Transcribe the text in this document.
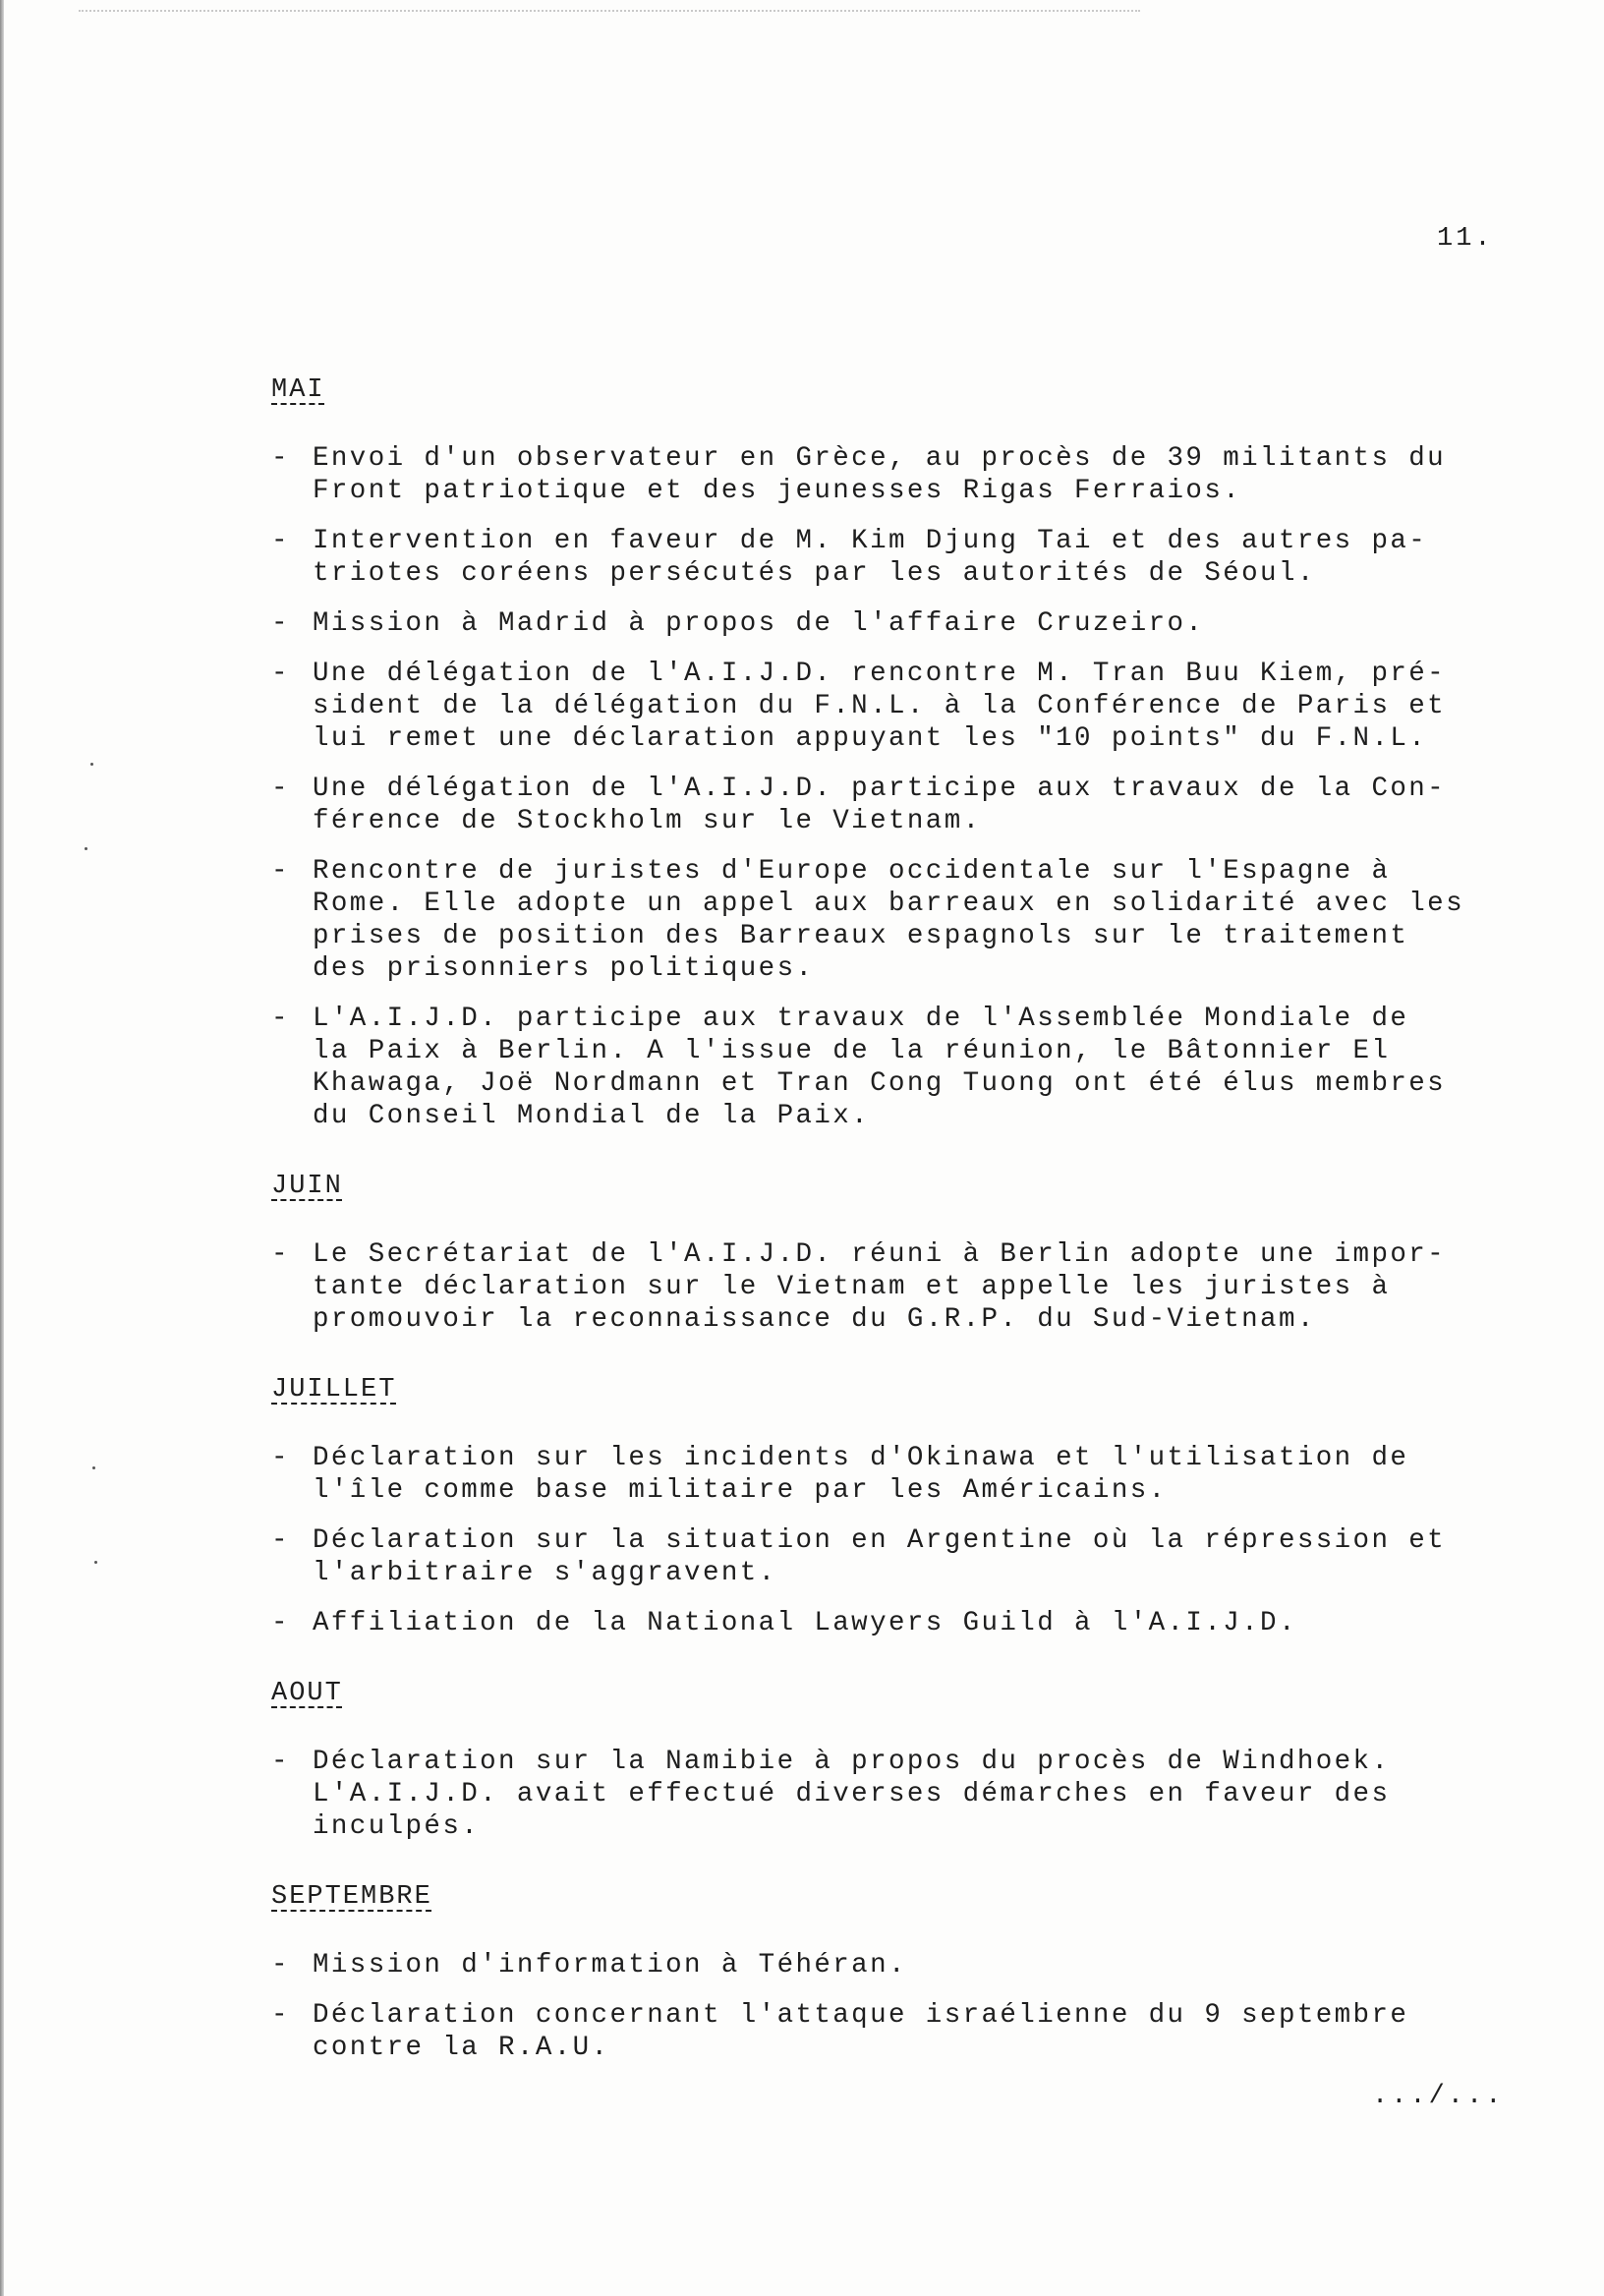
11.
MAI
- Envoi d'un observateur en Grèce, au procès de 39 militants du
Front patriotique et des jeunesses Rigas Ferraios.
- Intervention en faveur de M. Kim Djung Tai et des autres pa-
triotes coréens persécutés par les autorités de Séoul.
- Mission à Madrid à propos de l'affaire Cruzeiro.
- Une délégation de l'A.I.J.D. rencontre M. Tran Buu Kiem, pré-
sident de la délégation du F.N.L. à la Conférence de Paris et
lui remet une déclaration appuyant les "10 points" du F.N.L.
- Une délégation de l'A.I.J.D. participe aux travaux de la Con-
férence de Stockholm sur le Vietnam.
- Rencontre de juristes d'Europe occidentale sur l'Espagne à
Rome. Elle adopte un appel aux barreaux en solidarité avec les
prises de position des Barreaux espagnols sur le traitement
des prisonniers politiques.
- L'A.I.J.D. participe aux travaux de l'Assemblée Mondiale de
la Paix à Berlin. A l'issue de la réunion, le Bâtonnier El
Khawaga, Joë Nordmann et Tran Cong Tuong ont été élus membres
du Conseil Mondial de la Paix.
JUIN
- Le Secrétariat de l'A.I.J.D. réuni à Berlin adopte une impor-
tante déclaration sur le Vietnam et appelle les juristes à
promouvoir la reconnaissance du G.R.P. du Sud-Vietnam.
JUILLET
- Déclaration sur les incidents d'Okinawa et l'utilisation de
l'île comme base militaire par les Américains.
- Déclaration sur la situation en Argentine où la répression et
l'arbitraire s'aggravent.
- Affiliation de la National Lawyers Guild à l'A.I.J.D.
AOUT
- Déclaration sur la Namibie à propos du procès de Windhoek.
L'A.I.J.D. avait effectué diverses démarches en faveur des
inculpés.
SEPTEMBRE
- Mission d'information à Téhéran.
- Déclaration concernant l'attaque israélienne du 9 septembre
contre la R.A.U.
.../...
